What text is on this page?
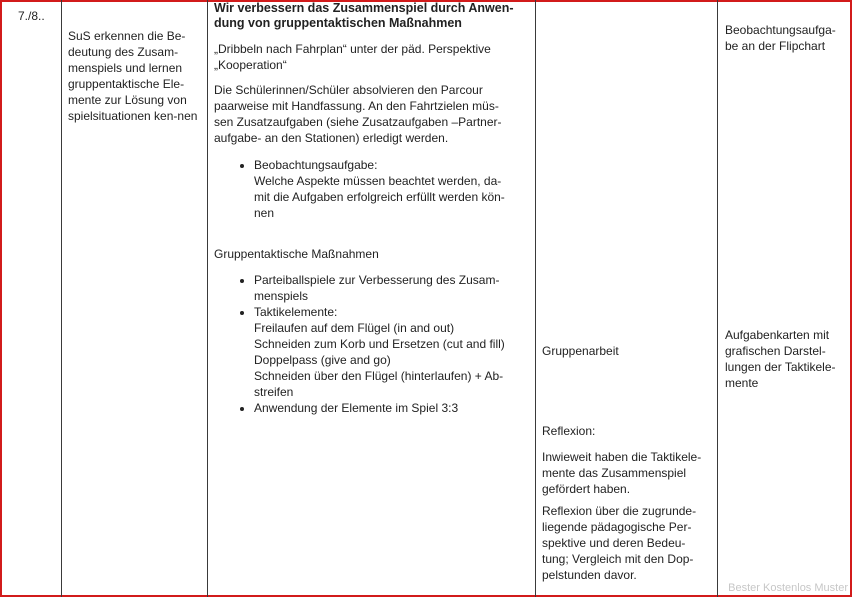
7./8..
SuS erkennen die Be-deutung des Zusam-menspiels und lernen gruppentaktische Ele-mente zur Lösung von spielsituationen ken-nen

Wir verbessern das Zusammenspiel durch Anwen-
dung von gruppentaktischen Maßnahmen

„Dribbeln nach Fahrplan“ unter der päd. Perspektive
„Kooperation“

Die Schülerinnen/Schüler absolvieren den Parcour
paarweise mit Handfassung. An den Fahrtzielen müs-
sen Zusatzaufgaben (siehe Zusatzaufgaben –Partner-
aufgabe- an den Stationen) erledigt werden.

• Beobachtungsaufgabe:
Welche Aspekte müssen beachtet werden, da-
mit die Aufgaben erfolgreich erfüllt werden kön-
nen

Gruppentaktische Maßnahmen

• Parteiballspiele zur Verbesserung des Zusam-
menspiels
• Taktikelemente:
Freilaufen auf dem Flügel (in and out)
Schneiden zum Korb und Ersetzen (cut and fill)
Doppelpass (give and go)
Schneiden über den Flügel (hinterlaufen) + Ab-
streifen
• Anwendung der Elemente im Spiel 3:3
Gruppenarbeit
Reflexion:
Inwieweit haben die Taktikele-
mente das Zusammenspiel
gefördert haben.
Reflexion über die zugrunde-
liegende pädagogische Per-
spektive und deren Bedeu-
tung; Vergleich mit den Dop-
pelstunden davor.
Beobachtungsaufga-
be an der Flipchart
Aufgabenkarten mit
grafischen Darstel-
lungen der Taktikele-
mente
Bester Kostenlos Muster
